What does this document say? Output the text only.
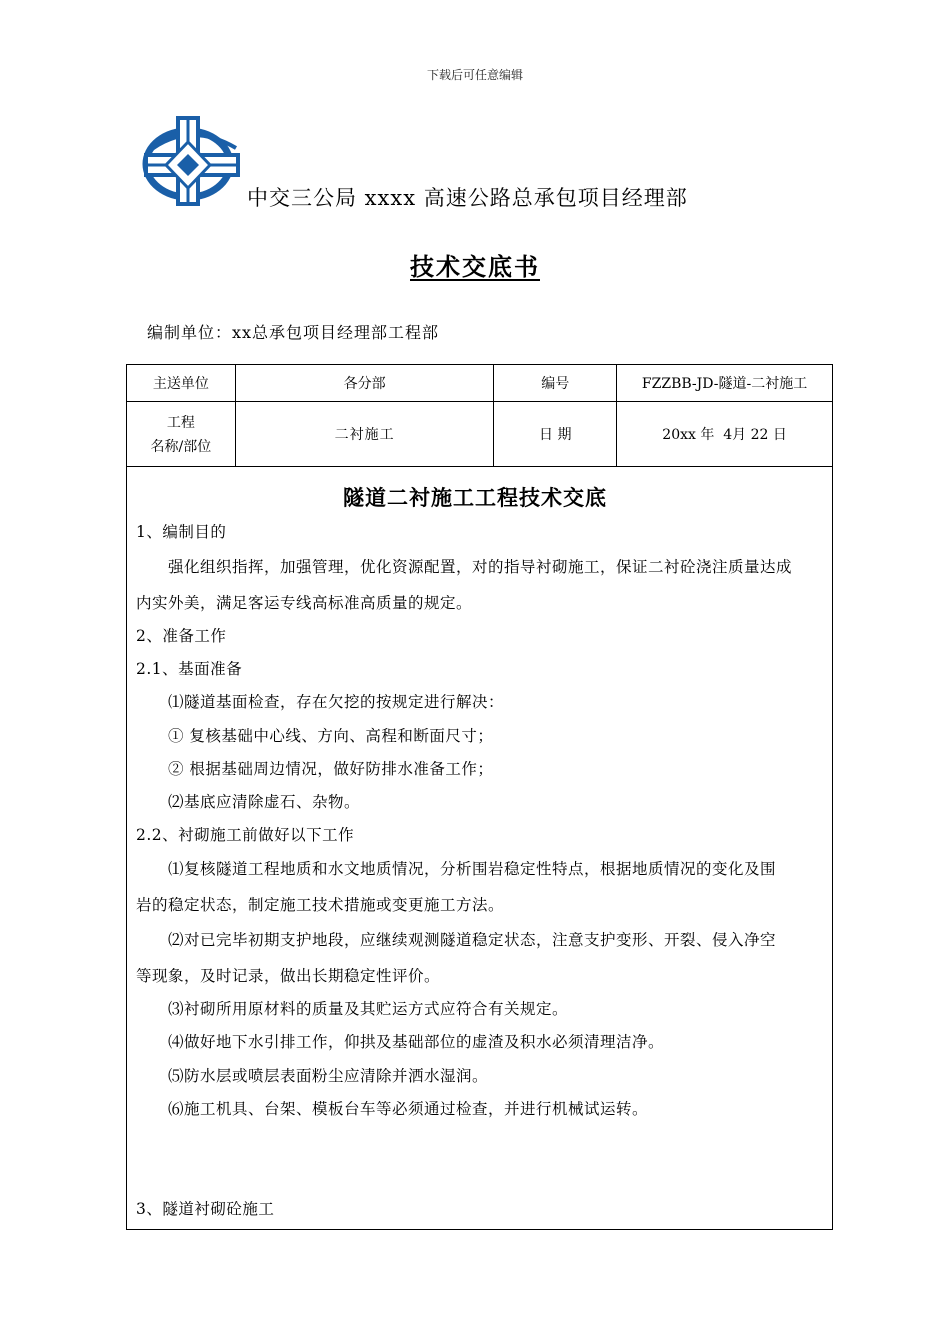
下载后可任意编辑
中交三公局 xxxx 高速公路总承包项目经理部
技术交底书
编制单位：xx总承包项目经理部工程部
主送单位	各分部	编号	FZZBB-JD-隧道-二衬施工

工程
名称/部位	二衬施工	日 期	20xx 年  4月 22 日
隧道二衬施工工程技术交底
1、编制目的
强化组织指挥，加强管理，优化资源配置，对的指导衬砌施工，保证二衬砼浇注质量达成
内实外美，满足客运专线高标准高质量的规定。
2、准备工作
2.1、基面准备
⑴隧道基面检查，存在欠挖的按规定进行解决：
① 复核基础中心线、方向、高程和断面尺寸；
② 根据基础周边情况，做好防排水准备工作；
⑵基底应清除虚石、杂物。
2.2、衬砌施工前做好以下工作
⑴复核隧道工程地质和水文地质情况，分析围岩稳定性特点，根据地质情况的变化及围
岩的稳定状态，制定施工技术措施或变更施工方法。
⑵对已完毕初期支护地段，应继续观测隧道稳定状态，注意支护变形、开裂、侵入净空
等现象，及时记录，做出长期稳定性评价。
⑶衬砌所用原材料的质量及其贮运方式应符合有关规定。
⑷做好地下水引排工作，仰拱及基础部位的虚渣及积水必须清理洁净。
⑸防水层或喷层表面粉尘应清除并洒水湿润。
⑹施工机具、台架、模板台车等必须通过检查，并进行机械试运转。
3、隧道衬砌砼施工
